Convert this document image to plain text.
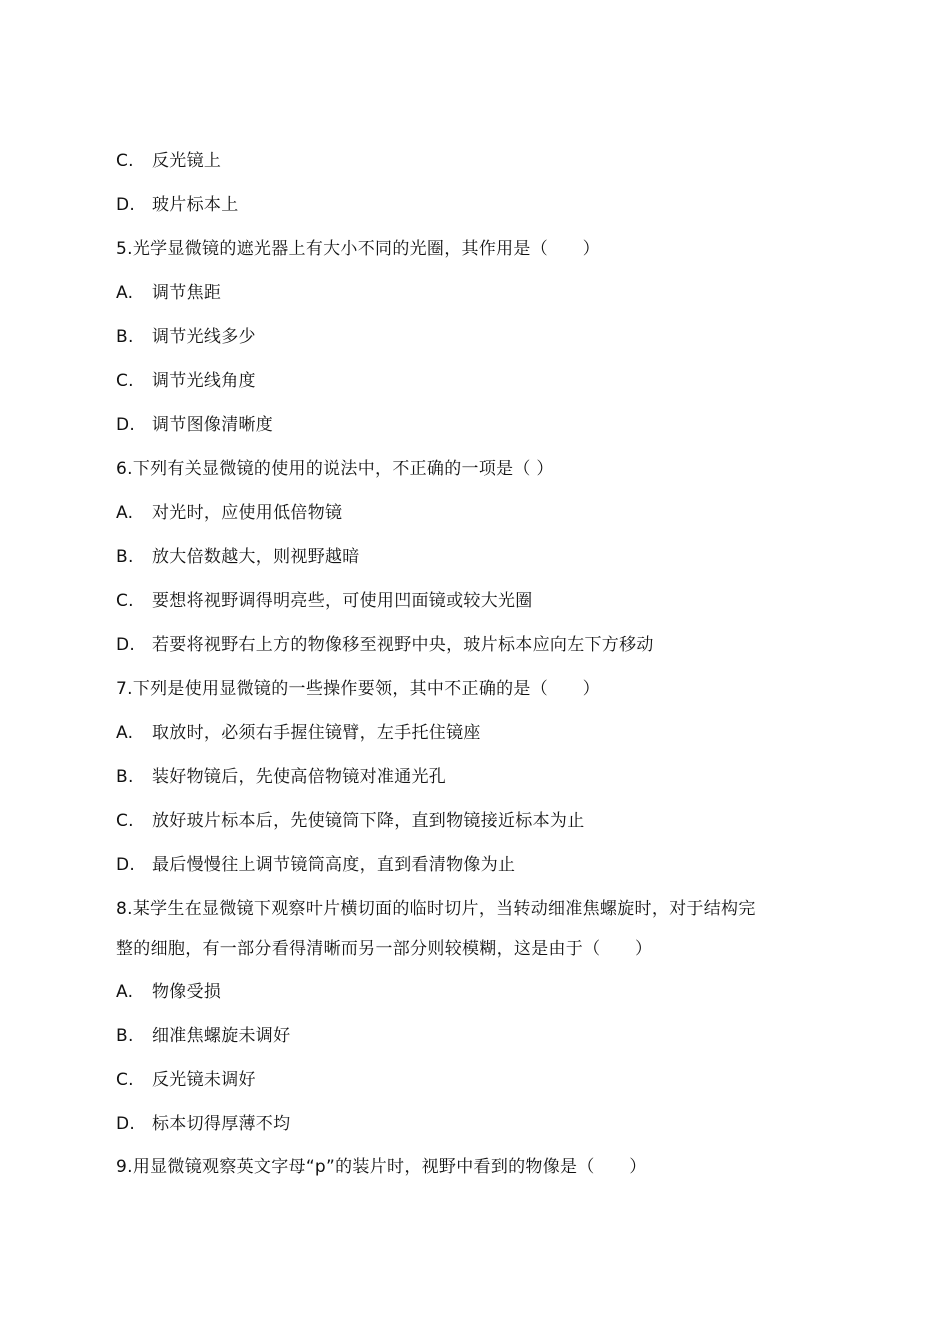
C. 反光镜上
D. 玻片标本上
5.光学显微镜的遮光器上有大小不同的光圈，其作用是（　　）
A. 调节焦距
B. 调节光线多少
C. 调节光线角度
D. 调节图像清晰度
6.下列有关显微镜的使用的说法中，不正确的一项是（ ）
A. 对光时，应使用低倍物镜
B. 放大倍数越大，则视野越暗
C. 要想将视野调得明亮些，可使用凹面镜或较大光圈
D. 若要将视野右上方的物像移至视野中央，玻片标本应向左下方移动
7.下列是使用显微镜的一些操作要领，其中不正确的是（　　）
A. 取放时，必须右手握住镜臂，左手托住镜座
B. 装好物镜后，先使高倍物镜对准通光孔
C. 放好玻片标本后，先使镜筒下降，直到物镜接近标本为止
D. 最后慢慢往上调节镜筒高度，直到看清物像为止
8.某学生在显微镜下观察叶片横切面的临时切片，当转动细准焦螺旋时，对于结构完
整的细胞，有一部分看得清晰而另一部分则较模糊，这是由于（　　）
A. 物像受损
B. 细准焦螺旋未调好
C. 反光镜未调好
D. 标本切得厚薄不均
9.用显微镜观察英文字母“p”的装片时，视野中看到的物像是（　　）
